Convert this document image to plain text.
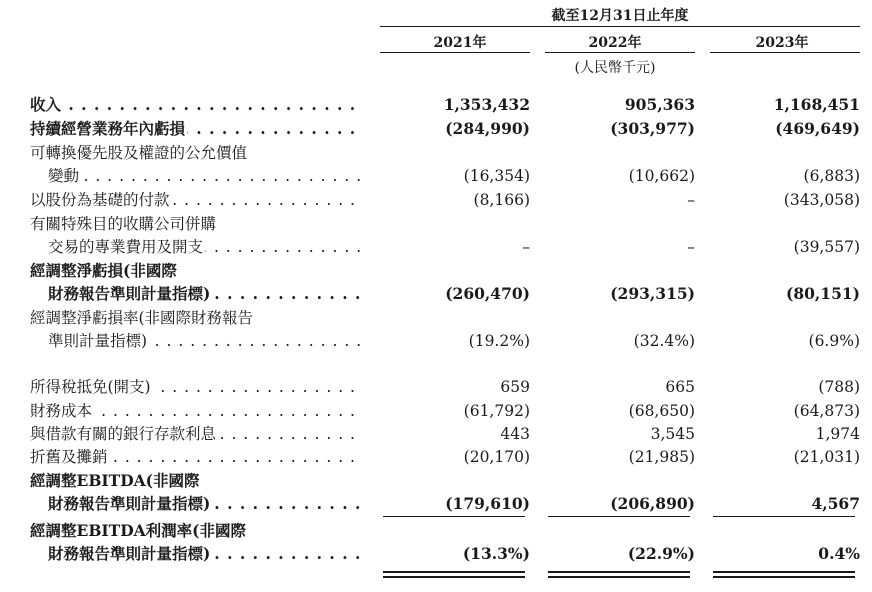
截至12月31日止年度
2021年	2022年	2023年
(人民幣千元)
收入 . . .	1,353,432	905,363	1,168,451
持續經營業務年內虧損 . . .	(284,990)	(303,977)	(469,649)
可轉換優先股及權證的公允價值
變動 . . .	(16,354)	(10,662)	(6,883)
以股份為基礎的付款 . . .	(8,166)	–	(343,058)
有關特殊目的收購公司併購
交易的專業費用及開支 . . .	–	–	(39,557)
經調整淨虧損(非國際
財務報告準則計量指標) . . .	(260,470)	(293,315)	(80,151)
經調整淨虧損率(非國際財務報告
準則計量指標) . . .	(19.2%)	(32.4%)	(6.9%)
所得稅抵免(開支) . . .	659	665	(788)
財務成本 . . .	(61,792)	(68,650)	(64,873)
與借款有關的銀行存款利息 . . .	443	3,545	1,974
折舊及攤銷 . . .	(20,170)	(21,985)	(21,031)
經調整EBITDA(非國際
財務報告準則計量指標) . . .	(179,610)	(206,890)	4,567
經調整EBITDA利潤率(非國際
財務報告準則計量指標) . . .	(13.3%)	(22.9%)	0.4%
